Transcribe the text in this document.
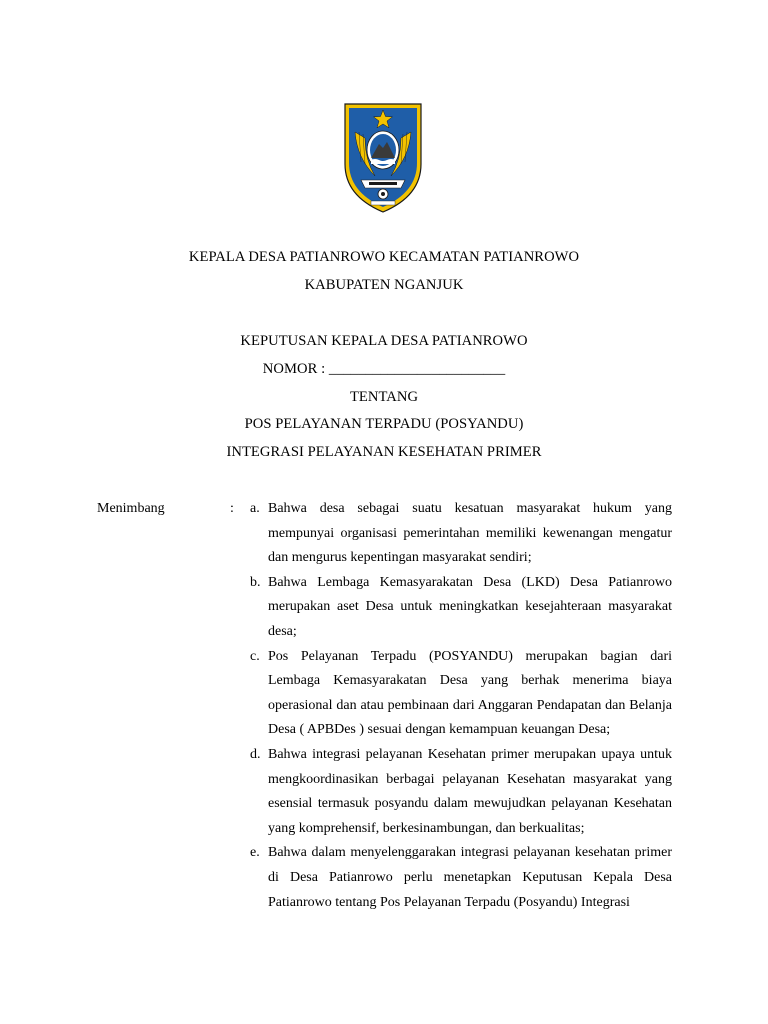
KEPALA DESA PATIANROWO KECAMATAN PATIANROWO
KABUPATEN NGANJUK
KEPUTUSAN KEPALA DESA PATIANROWO
NOMOR : ________________________
TENTANG
POS PELAYANAN TERPADU (POSYANDU)
INTEGRASI PELAYANAN KESEHATAN PRIMER
Menimbang	: a. Bahwa desa sebagai suatu kesatuan masyarakat hukum yang mempunyai organisasi pemerintahan memiliki kewenangan mengatur dan mengurus kepentingan masyarakat sendiri;
b. Bahwa Lembaga Kemasyarakatan Desa (LKD) Desa Patianrowo merupakan aset Desa untuk meningkatkan kesejahteraan masyarakat desa;
c. Pos Pelayanan Terpadu (POSYANDU) merupakan bagian dari Lembaga Kemasyarakatan Desa yang berhak menerima biaya operasional dan atau pembinaan dari Anggaran Pendapatan dan Belanja Desa ( APBDes ) sesuai dengan kemampuan keuangan Desa;
d. Bahwa integrasi pelayanan Kesehatan primer merupakan upaya untuk mengkoordinasikan berbagai pelayanan Kesehatan masyarakat yang esensial termasuk posyandu dalam mewujudkan pelayanan Kesehatan yang komprehensif, berkesinambungan, dan berkualitas;
e. Bahwa dalam menyelenggarakan integrasi pelayanan kesehatan primer di Desa Patianrowo perlu menetapkan Keputusan Kepala Desa Patianrowo tentang Pos Pelayanan Terpadu (Posyandu) Integrasi
